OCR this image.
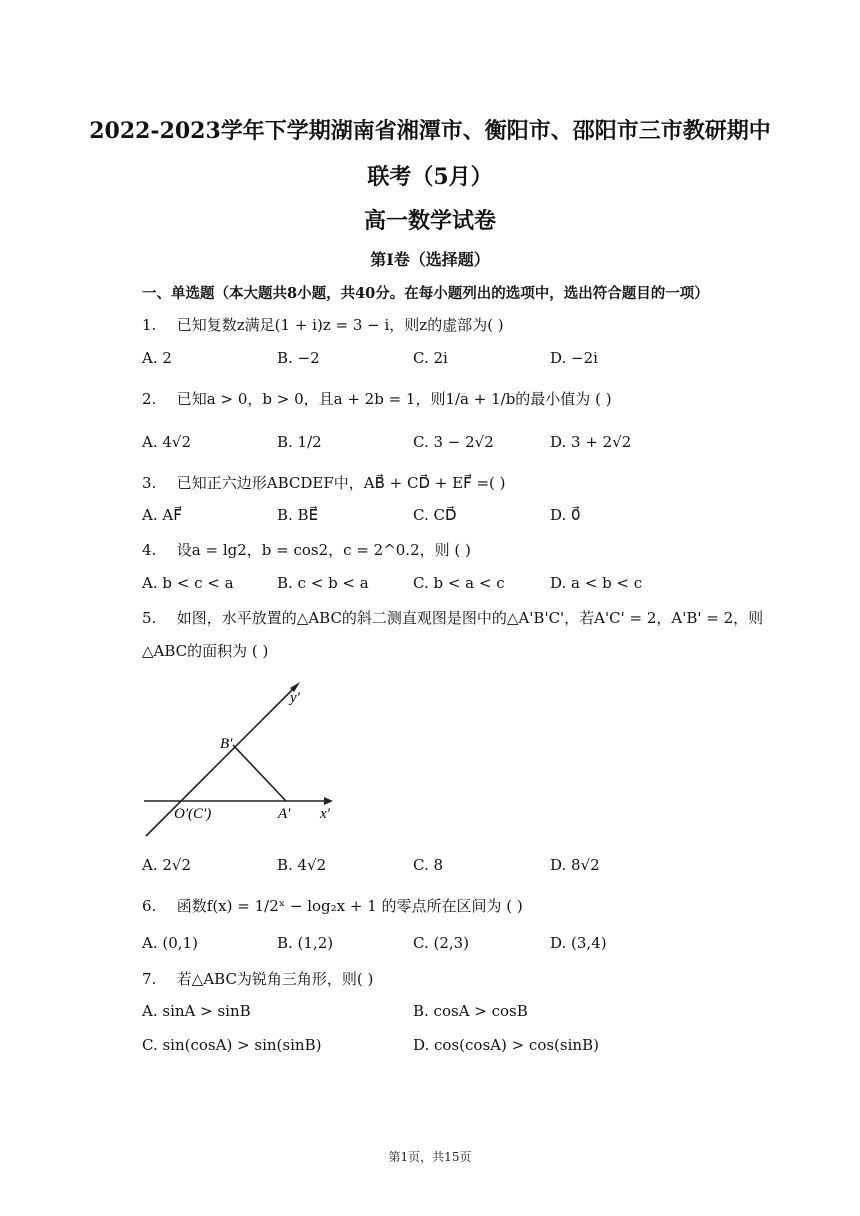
2022-2023学年下学期湖南省湘潭市、衡阳市、邵阳市三市教研期中
联考（5月）
高一数学试卷
第I卷（选择题）
一、单选题（本大题共8小题，共40分。在每小题列出的选项中，选出符合题目的一项）
1. 已知复数z满足(1 + i)z = 3 − i，则z的虚部为( )
A. 2	B. −2	C. 2i	D. −2i
2. 已知a > 0，b > 0，且a + 2b = 1，则1/a + 1/b的最小值为 ( )
A. 4√2	B. 1/2	C. 3 − 2√2	D. 3 + 2√2
3. 已知正六边形ABCDEF中，AB⃗ + CD⃗ + EF⃗ =( )
A. AF⃗	B. BE⃗	C. CD⃗	D. 0⃗
4. 设a = lg2，b = cos2，c = 2^0.2，则 ( )
A. b < c < a	B. c < b < a	C. b < a < c	D. a < b < c
5. 如图，水平放置的△ABC的斜二测直观图是图中的△A'B'C'，若A'C' = 2，A'B' = 2，则
△ABC的面积为 ( )
y'
x'
B'
O'(C')	A'
A. 2√2	B. 4√2	C. 8	D. 8√2
6. 函数f(x) = 1/2ˣ − log₂x + 1 的零点所在区间为 ( )
A. (0,1)	B. (1,2)	C. (2,3)	D. (3,4)
7. 若△ABC为锐角三角形，则( )
A. sinA > sinB	B. cosA > cosB
C. sin(cosA) > sin(sinB)	D. cos(cosA) > cos(sinB)
第1页，共15页
